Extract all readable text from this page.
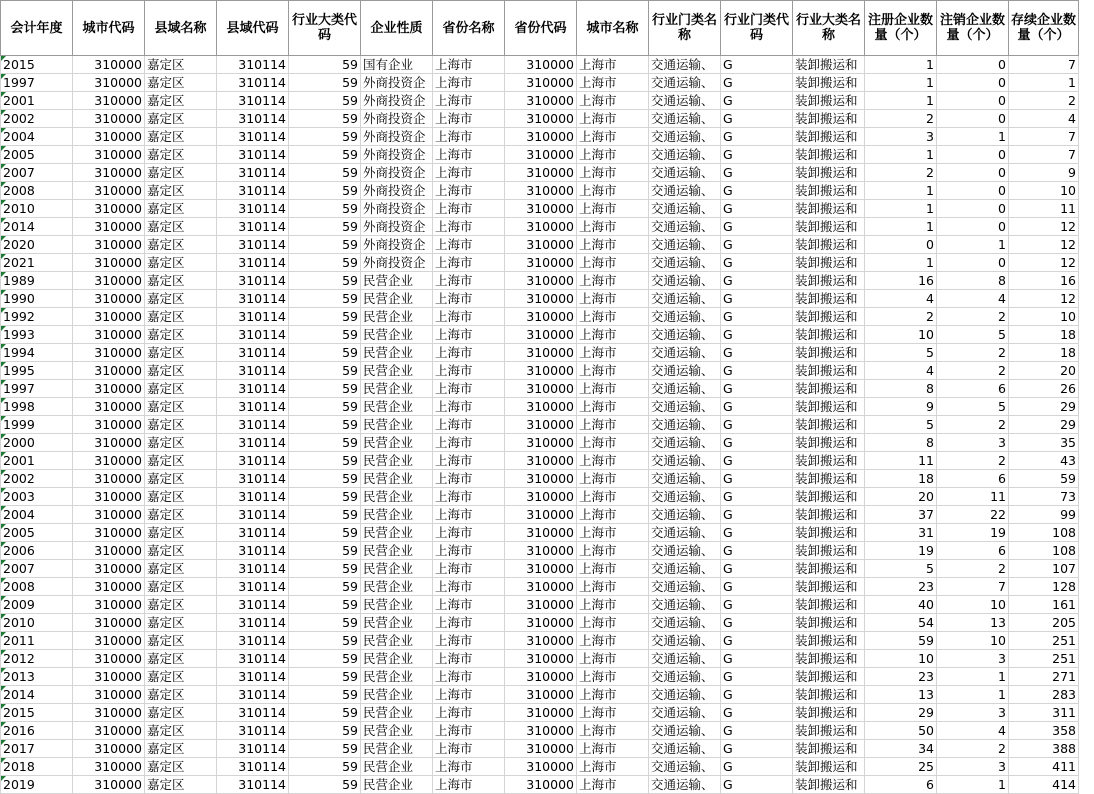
会计年度	城市代码	县域名称	县域代码	行业大类代码	企业性质	省份名称	省份代码	城市名称	行业门类名称	行业门类代码	行业大类名称	注册企业数量（个）	注销企业数量（个）	存续企业数量（个）
2015	310000	嘉定区	310114	59	国有企业	上海市	310000	上海市	交通运输、	G	装卸搬运和	1	0	7
1997	310000	嘉定区	310114	59	外商投资企	上海市	310000	上海市	交通运输、	G	装卸搬运和	1	0	1
2001	310000	嘉定区	310114	59	外商投资企	上海市	310000	上海市	交通运输、	G	装卸搬运和	1	0	2
2002	310000	嘉定区	310114	59	外商投资企	上海市	310000	上海市	交通运输、	G	装卸搬运和	2	0	4
2004	310000	嘉定区	310114	59	外商投资企	上海市	310000	上海市	交通运输、	G	装卸搬运和	3	1	7
2005	310000	嘉定区	310114	59	外商投资企	上海市	310000	上海市	交通运输、	G	装卸搬运和	1	0	7
2007	310000	嘉定区	310114	59	外商投资企	上海市	310000	上海市	交通运输、	G	装卸搬运和	2	0	9
2008	310000	嘉定区	310114	59	外商投资企	上海市	310000	上海市	交通运输、	G	装卸搬运和	1	0	10
2010	310000	嘉定区	310114	59	外商投资企	上海市	310000	上海市	交通运输、	G	装卸搬运和	1	0	11
2014	310000	嘉定区	310114	59	外商投资企	上海市	310000	上海市	交通运输、	G	装卸搬运和	1	0	12
2020	310000	嘉定区	310114	59	外商投资企	上海市	310000	上海市	交通运输、	G	装卸搬运和	0	1	12
2021	310000	嘉定区	310114	59	外商投资企	上海市	310000	上海市	交通运输、	G	装卸搬运和	1	0	12
1989	310000	嘉定区	310114	59	民营企业	上海市	310000	上海市	交通运输、	G	装卸搬运和	16	8	16
1990	310000	嘉定区	310114	59	民营企业	上海市	310000	上海市	交通运输、	G	装卸搬运和	4	4	12
1992	310000	嘉定区	310114	59	民营企业	上海市	310000	上海市	交通运输、	G	装卸搬运和	2	2	10
1993	310000	嘉定区	310114	59	民营企业	上海市	310000	上海市	交通运输、	G	装卸搬运和	10	5	18
1994	310000	嘉定区	310114	59	民营企业	上海市	310000	上海市	交通运输、	G	装卸搬运和	5	2	18
1995	310000	嘉定区	310114	59	民营企业	上海市	310000	上海市	交通运输、	G	装卸搬运和	4	2	20
1997	310000	嘉定区	310114	59	民营企业	上海市	310000	上海市	交通运输、	G	装卸搬运和	8	6	26
1998	310000	嘉定区	310114	59	民营企业	上海市	310000	上海市	交通运输、	G	装卸搬运和	9	5	29
1999	310000	嘉定区	310114	59	民营企业	上海市	310000	上海市	交通运输、	G	装卸搬运和	5	2	29
2000	310000	嘉定区	310114	59	民营企业	上海市	310000	上海市	交通运输、	G	装卸搬运和	8	3	35
2001	310000	嘉定区	310114	59	民营企业	上海市	310000	上海市	交通运输、	G	装卸搬运和	11	2	43
2002	310000	嘉定区	310114	59	民营企业	上海市	310000	上海市	交通运输、	G	装卸搬运和	18	6	59
2003	310000	嘉定区	310114	59	民营企业	上海市	310000	上海市	交通运输、	G	装卸搬运和	20	11	73
2004	310000	嘉定区	310114	59	民营企业	上海市	310000	上海市	交通运输、	G	装卸搬运和	37	22	99
2005	310000	嘉定区	310114	59	民营企业	上海市	310000	上海市	交通运输、	G	装卸搬运和	31	19	108
2006	310000	嘉定区	310114	59	民营企业	上海市	310000	上海市	交通运输、	G	装卸搬运和	19	6	108
2007	310000	嘉定区	310114	59	民营企业	上海市	310000	上海市	交通运输、	G	装卸搬运和	5	2	107
2008	310000	嘉定区	310114	59	民营企业	上海市	310000	上海市	交通运输、	G	装卸搬运和	23	7	128
2009	310000	嘉定区	310114	59	民营企业	上海市	310000	上海市	交通运输、	G	装卸搬运和	40	10	161
2010	310000	嘉定区	310114	59	民营企业	上海市	310000	上海市	交通运输、	G	装卸搬运和	54	13	205
2011	310000	嘉定区	310114	59	民营企业	上海市	310000	上海市	交通运输、	G	装卸搬运和	59	10	251
2012	310000	嘉定区	310114	59	民营企业	上海市	310000	上海市	交通运输、	G	装卸搬运和	10	3	251
2013	310000	嘉定区	310114	59	民营企业	上海市	310000	上海市	交通运输、	G	装卸搬运和	23	1	271
2014	310000	嘉定区	310114	59	民营企业	上海市	310000	上海市	交通运输、	G	装卸搬运和	13	1	283
2015	310000	嘉定区	310114	59	民营企业	上海市	310000	上海市	交通运输、	G	装卸搬运和	29	3	311
2016	310000	嘉定区	310114	59	民营企业	上海市	310000	上海市	交通运输、	G	装卸搬运和	50	4	358
2017	310000	嘉定区	310114	59	民营企业	上海市	310000	上海市	交通运输、	G	装卸搬运和	34	2	388
2018	310000	嘉定区	310114	59	民营企业	上海市	310000	上海市	交通运输、	G	装卸搬运和	25	3	411
2019	310000	嘉定区	310114	59	民营企业	上海市	310000	上海市	交通运输、	G	装卸搬运和	6	1	414
